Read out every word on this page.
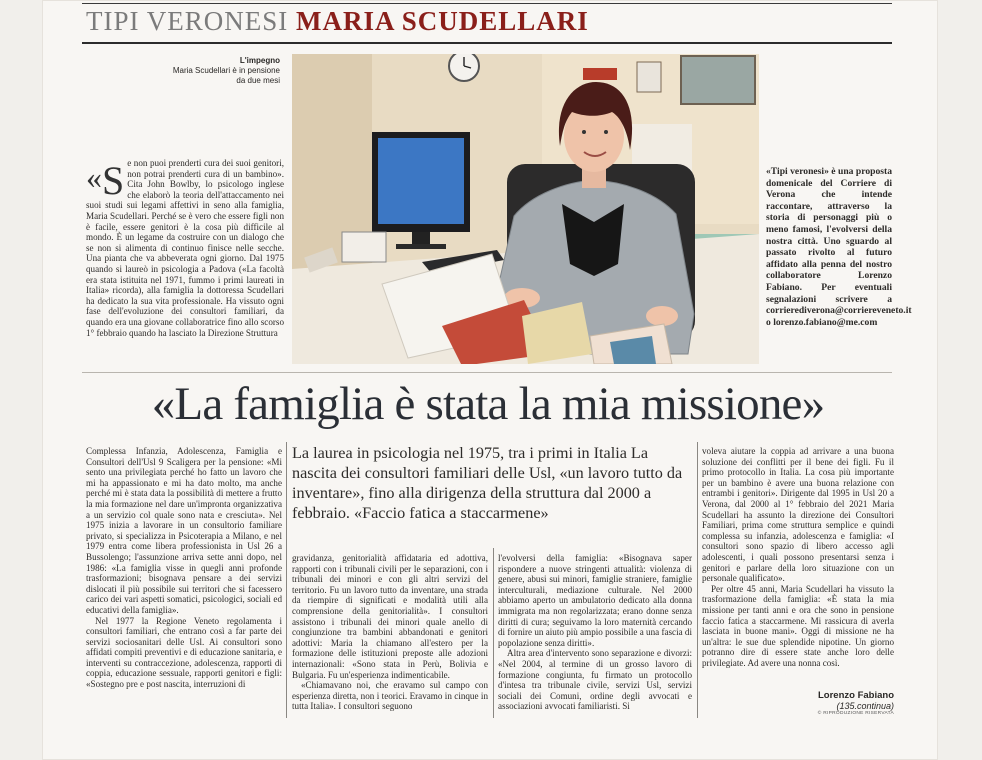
TIPI VERONESI MARIA SCUDELLARI
L'impegno
Maria Scudellari è in pensione da due mesi
«S e non puoi prenderti cura dei suoi genitori, non potrai prenderti cura di un bambino». Cita John Bowlby, lo psicologo inglese che elaborò la teoria dell'attaccamento nei suoi studi sui legami affettivi in seno alla famiglia, Maria Scudellari. Perché se è vero che essere figli non è facile, essere genitori è la cosa più difficile al mondo. È un legame da costruire con un dialogo che se non si alimenta di continuo finisce nelle secche. Una pianta che va abbeverata ogni giorno. Dal 1975 quando si laureò in psicologia a Padova («La facoltà era stata istituita nel 1971, fummo i primi laureati in Italia» ricorda), alla famiglia la dottoressa Scudellari ha dedicato la sua vita professionale. Ha vissuto ogni fase dell'evoluzione dei consultori familiari, da quando era una giovane collaboratrice fino allo scorso 1° febbraio quando ha lasciato la Direzione Struttura
«Tipi veronesi» è una proposta domenicale del Corriere di Verona che intende raccontare, attraverso la storia di personaggi più o meno famosi, l'evolversi della nostra città. Uno sguardo al passato rivolto al futuro affidato alla penna del nostro collaboratore Lorenzo Fabiano. Per eventuali segnalazioni scrivere a corrierediverona@corriereveneto.it o lorenzo.fabiano@me.com
«La famiglia è stata la mia missione»
La laurea in psicologia nel 1975, tra i primi in Italia La nascita dei consultori familiari delle Usl, «un lavoro tutto da inventare», fino alla dirigenza della struttura dal 2000 a febbraio. «Faccio fatica a staccarmene»

Complessa Infanzia, Adolescenza, Famiglia e Consultori dell'Usl 9 Scaligera per la pensione: «Mi sento una privilegiata perché ho fatto un lavoro che mi ha appassionato e mi ha dato molto, ma anche perché mi è stata data la possibilità di mettere a frutto la mia formazione nel dare un'impronta organizzativa a un servizio col quale sono nata e cresciuta». Nel 1975 inizia a lavorare in un consultorio familiare privato, si specializza in Psicoterapia a Milano, e nel 1979 entra come libera professionista in Usl 26 a Bussolengo; l'assunzione arriva sette anni dopo, nel 1986: «La famiglia visse in quegli anni profonde trasformazioni; bisognava pensare a dei servizi dislocati il più possibile sui territori che si facessero carico dei vari aspetti somatici, psicologici, sociali ed educativi della famiglia».

Nel 1977 la Regione Veneto regolamenta i consultori familiari, che entrano così a far parte dei servizi sociosanitari delle Usl. Ai consultori sono affidati compiti preventivi e di educazione sanitaria, e interventi su contraccezione, adolescenza, rapporti di coppia, educazione sessuale, rapporti genitori e figli: «Sostegno pre e post nascita, interruzioni di

gravidanza, genitorialità affidataria ed adottiva, rapporti con i tribunali civili per le separazioni, con i tribunali dei minori e con gli altri servizi del territorio. Fu un lavoro tutto da inventare, una strada da riempire di significati e modalità utili alla comprensione della genitorialità». I consultori assistono i tribunali dei minori quale anello di congiunzione tra bambini abbandonati e genitori adottivi: Maria la chiamano all'estero per la formazione delle istituzioni preposte alle adozioni internazionali: «Sono stata in Perù, Bolivia e Bulgaria. Fu un'esperienza indimenticabile.

«Chiamavano noi, che eravamo sul campo con esperienza diretta, non i teorici. Eravamo in cinque in tutta Italia». I consultori seguono

l'evolversi della famiglia: «Bisognava saper rispondere a nuove stringenti attualità: violenza di genere, abusi sui minori, famiglie straniere, famiglie interculturali, mediazione culturale. Nel 2000 abbiamo aperto un ambulatorio dedicato alla donna immigrata ma non regolarizzata; erano donne senza diritti di cura; seguivamo la loro maternità cercando di fornire un aiuto più ampio possibile a una fascia di popolazione senza diritti».

Altra area d'intervento sono separazione e divorzi: «Nel 2004, al termine di un grosso lavoro di formazione congiunta, fu firmato un protocollo d'intesa tra tribunale civile, servizi Usl, servizi sociali dei Comuni, ordine degli avvocati e associazioni avvocati familiaristi. Si

voleva aiutare la coppia ad arrivare a una buona soluzione dei conflitti per il bene dei figli. Fu il primo protocollo in Italia. La cosa più importante per un bambino è avere una buona relazione con entrambi i genitori». Dirigente dal 1995 in Usl 20 a Verona, dal 2000 al 1° febbraio del 2021 Maria Scudellari ha assunto la direzione dei Consultori Familiari, prima come struttura semplice e quindi complessa su infanzia, adolescenza e famiglia: «I consultori sono spazio di libero accesso agli adolescenti, i quali possono presentarsi senza i genitori e parlare della loro situazione con un personale qualificato».

Per oltre 45 anni, Maria Scudellari ha vissuto la trasformazione della famiglia: «È stata la mia missione per tanti anni e ora che sono in pensione faccio fatica a staccarmene. Mi rassicura di averla lasciata in buone mani». Oggi di missione ne ha un'altra: le sue due splendide nipotine. Un giorno potranno dire di essere state anche loro delle privilegiate. Ad avere una nonna così.

Lorenzo Fabiano
(135.continua)
© RIPRODUZIONE RISERVATA
